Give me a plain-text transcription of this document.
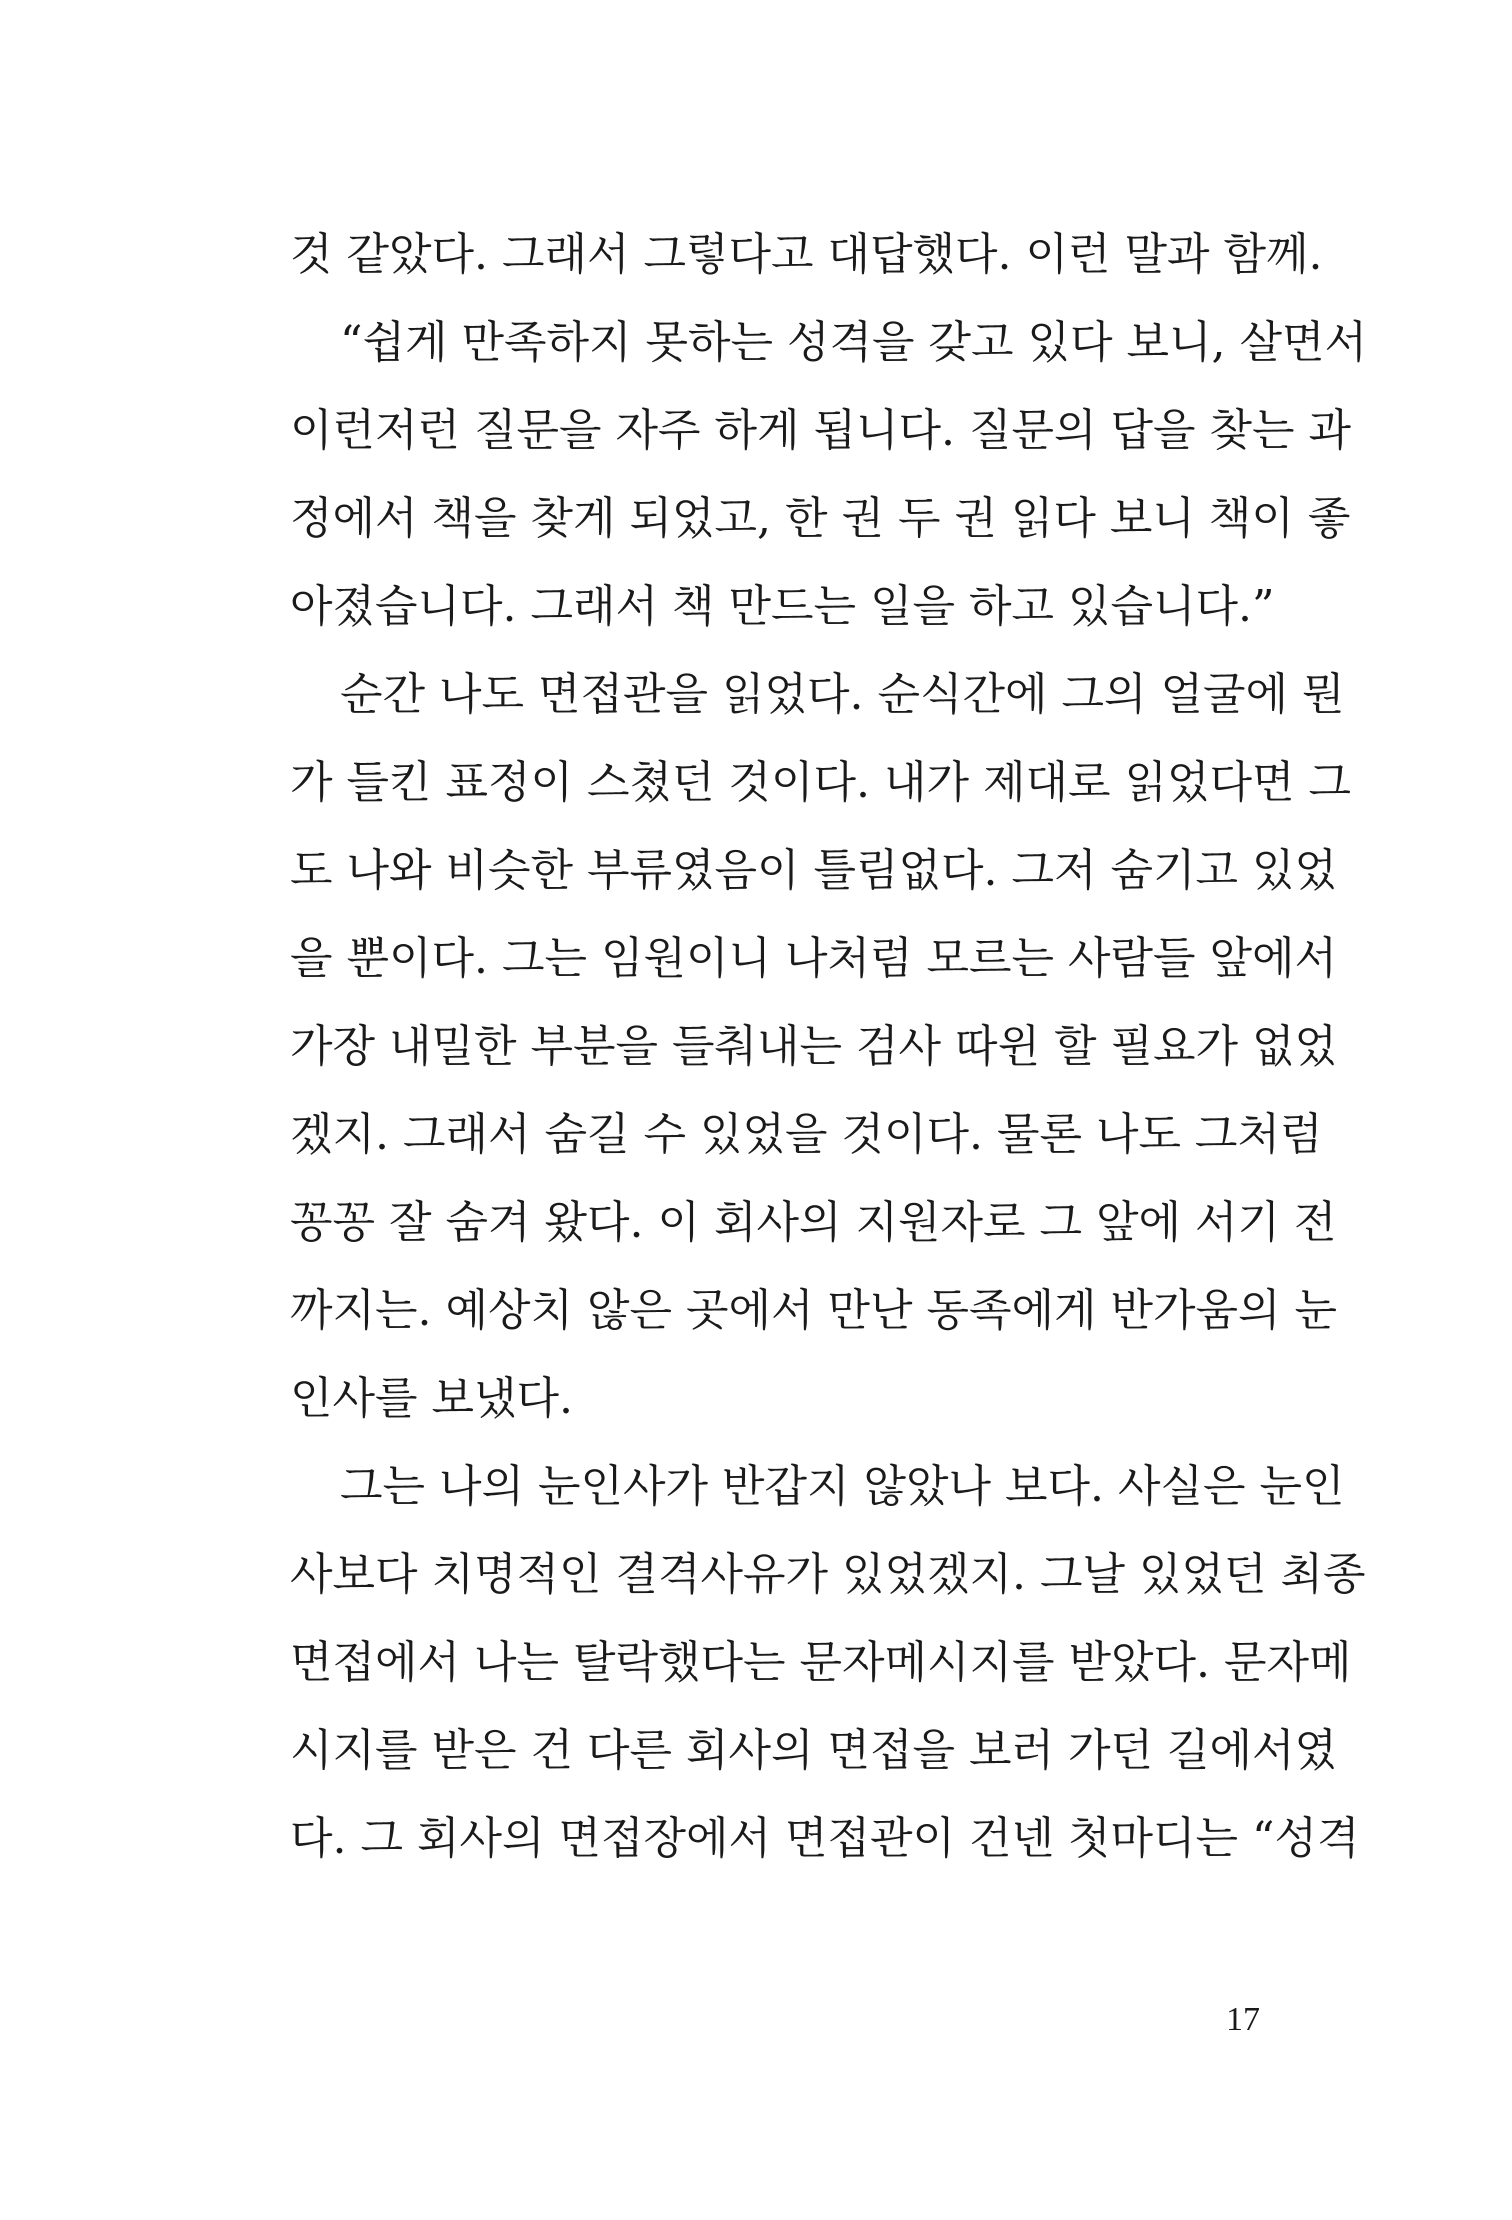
것 같았다. 그래서 그렇다고 대답했다. 이런 말과 함께.
“쉽게 만족하지 못하는 성격을 갖고 있다 보니, 살면서
이런저런 질문을 자주 하게 됩니다. 질문의 답을 찾는 과
정에서 책을 찾게 되었고, 한 권 두 권 읽다 보니 책이 좋
아졌습니다. 그래서 책 만드는 일을 하고 있습니다.”
순간 나도 면접관을 읽었다. 순식간에 그의 얼굴에 뭔
가 들킨 표정이 스쳤던 것이다. 내가 제대로 읽었다면 그
도 나와 비슷한 부류였음이 틀림없다. 그저 숨기고 있었
을 뿐이다. 그는 임원이니 나처럼 모르는 사람들 앞에서
가장 내밀한 부분을 들춰내는 검사 따윈 할 필요가 없었
겠지. 그래서 숨길 수 있었을 것이다. 물론 나도 그처럼
꽁꽁 잘 숨겨 왔다. 이 회사의 지원자로 그 앞에 서기 전
까지는. 예상치 않은 곳에서 만난 동족에게 반가움의 눈
인사를 보냈다.
그는 나의 눈인사가 반갑지 않았나 보다. 사실은 눈인
사보다 치명적인 결격사유가 있었겠지. 그날 있었던 최종
면접에서 나는 탈락했다는 문자메시지를 받았다. 문자메
시지를 받은 건 다른 회사의 면접을 보러 가던 길에서였
다. 그 회사의 면접장에서 면접관이 건넨 첫마디는 “성격
17
